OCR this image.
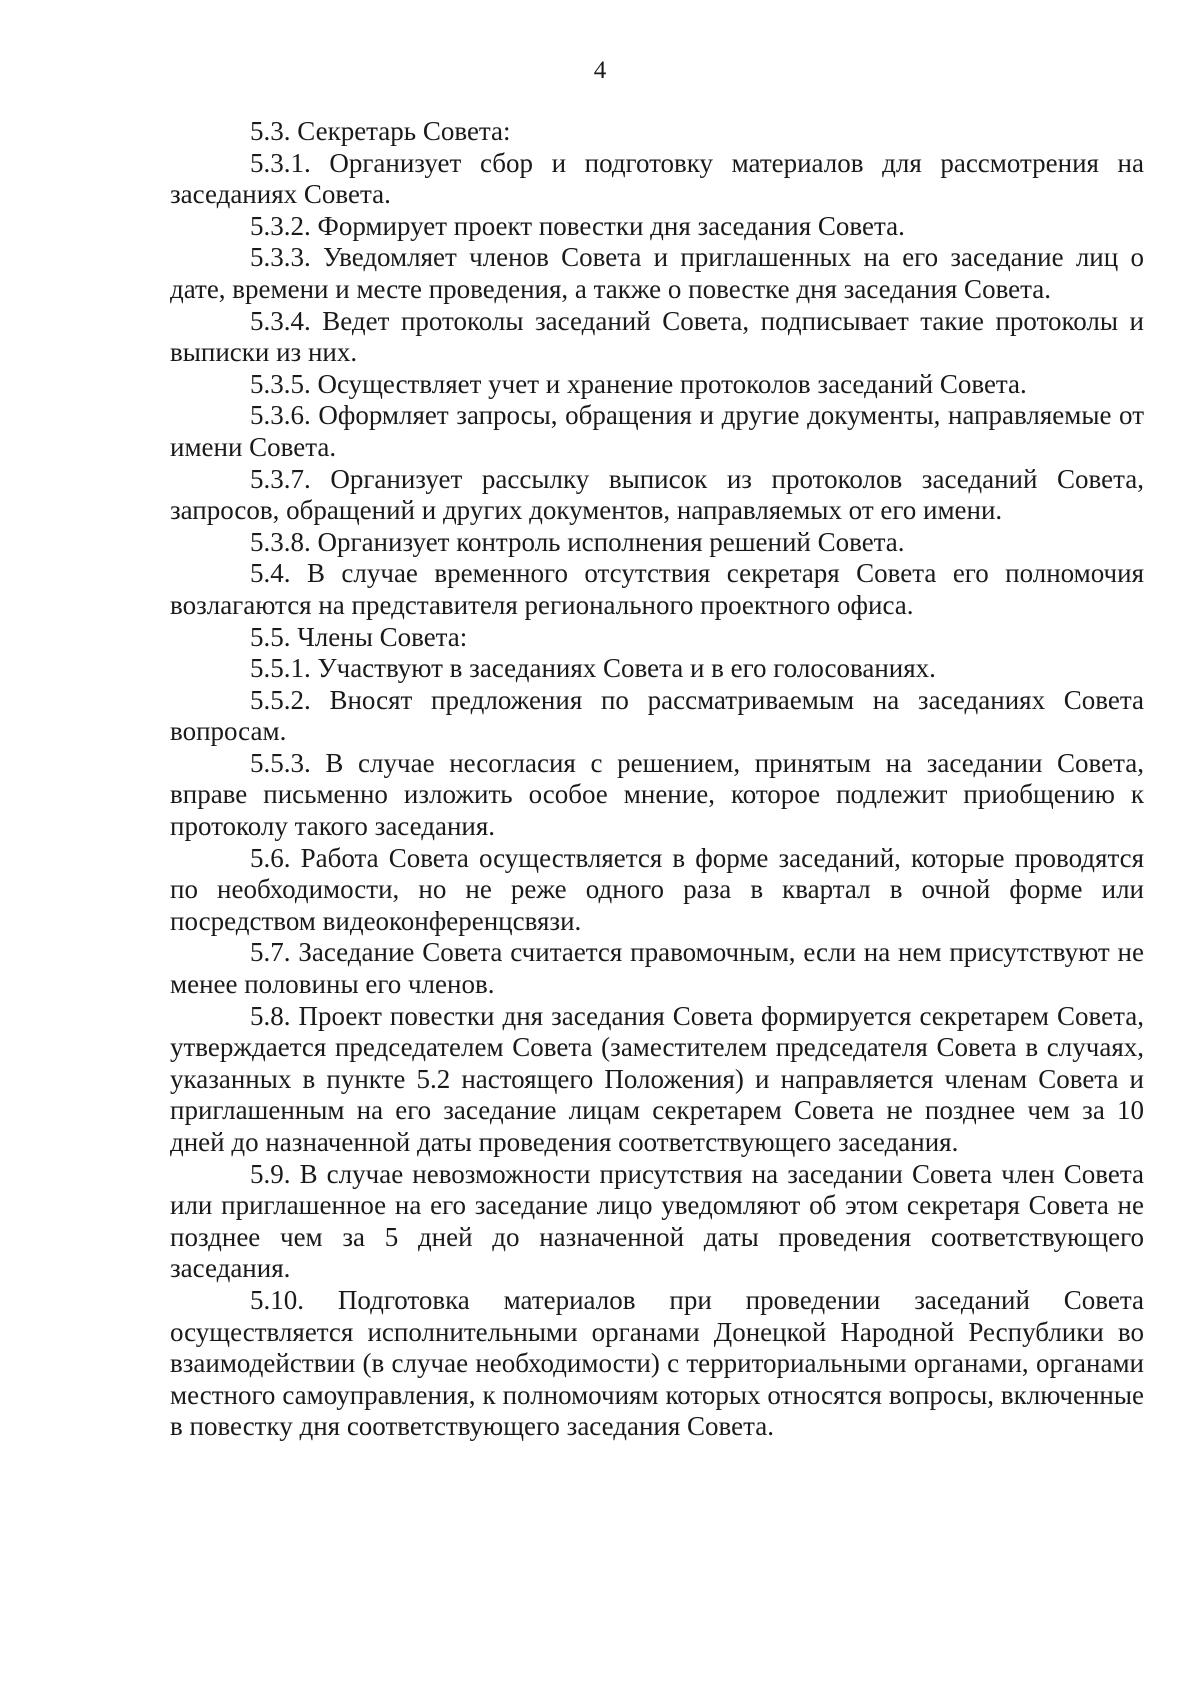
4

5.3. Секретарь Совета:

5.3.1. Организует сбор и подготовку материалов для рассмотрения на заседаниях Совета.

5.3.2. Формирует проект повестки дня заседания Совета.

5.3.3. Уведомляет членов Совета и приглашенных на его заседание лиц о дате, времени и месте проведения, а также о повестке дня заседания Совета.

5.3.4. Ведет протоколы заседаний Совета, подписывает такие протоколы и выписки из них.

5.3.5. Осуществляет учет и хранение протоколов заседаний Совета.

5.3.6. Оформляет запросы, обращения и другие документы, направляемые от имени Совета.

5.3.7. Организует рассылку выписок из протоколов заседаний Совета, запросов, обращений и других документов, направляемых от его имени.

5.3.8. Организует контроль исполнения решений Совета.

5.4. В случае временного отсутствия секретаря Совета его полномочия возлагаются на представителя регионального проектного офиса.

5.5. Члены Совета:

5.5.1. Участвуют в заседаниях Совета и в его голосованиях.

5.5.2. Вносят предложения по рассматриваемым на заседаниях Совета вопросам.

5.5.3. В случае несогласия с решением, принятым на заседании Совета, вправе письменно изложить особое мнение, которое подлежит приобщению к протоколу такого заседания.

5.6. Работа Совета осуществляется в форме заседаний, которые проводятся по необходимости, но не реже одного раза в квартал в очной форме или посредством видеоконференцсвязи.

5.7. Заседание Совета считается правомочным, если на нем присутствуют не менее половины его членов.

5.8. Проект повестки дня заседания Совета формируется секретарем Совета, утверждается председателем Совета (заместителем председателя Совета в случаях, указанных в пункте 5.2 настоящего Положения) и направляется членам Совета и приглашенным на его заседание лицам секретарем Совета не позднее чем за 10 дней до назначенной даты проведения соответствующего заседания.

5.9. В случае невозможности присутствия на заседании Совета член Совета или приглашенное на его заседание лицо уведомляют об этом секретаря Совета не позднее чем за 5 дней до назначенной даты проведения соответствующего заседания.

5.10. Подготовка материалов при проведении заседаний Совета осуществляется исполнительными органами Донецкой Народной Республики во взаимодействии (в случае необходимости) с территориальными органами, органами местного самоуправления, к полномочиям которых относятся вопросы, включенные в повестку дня соответствующего заседания Совета.
